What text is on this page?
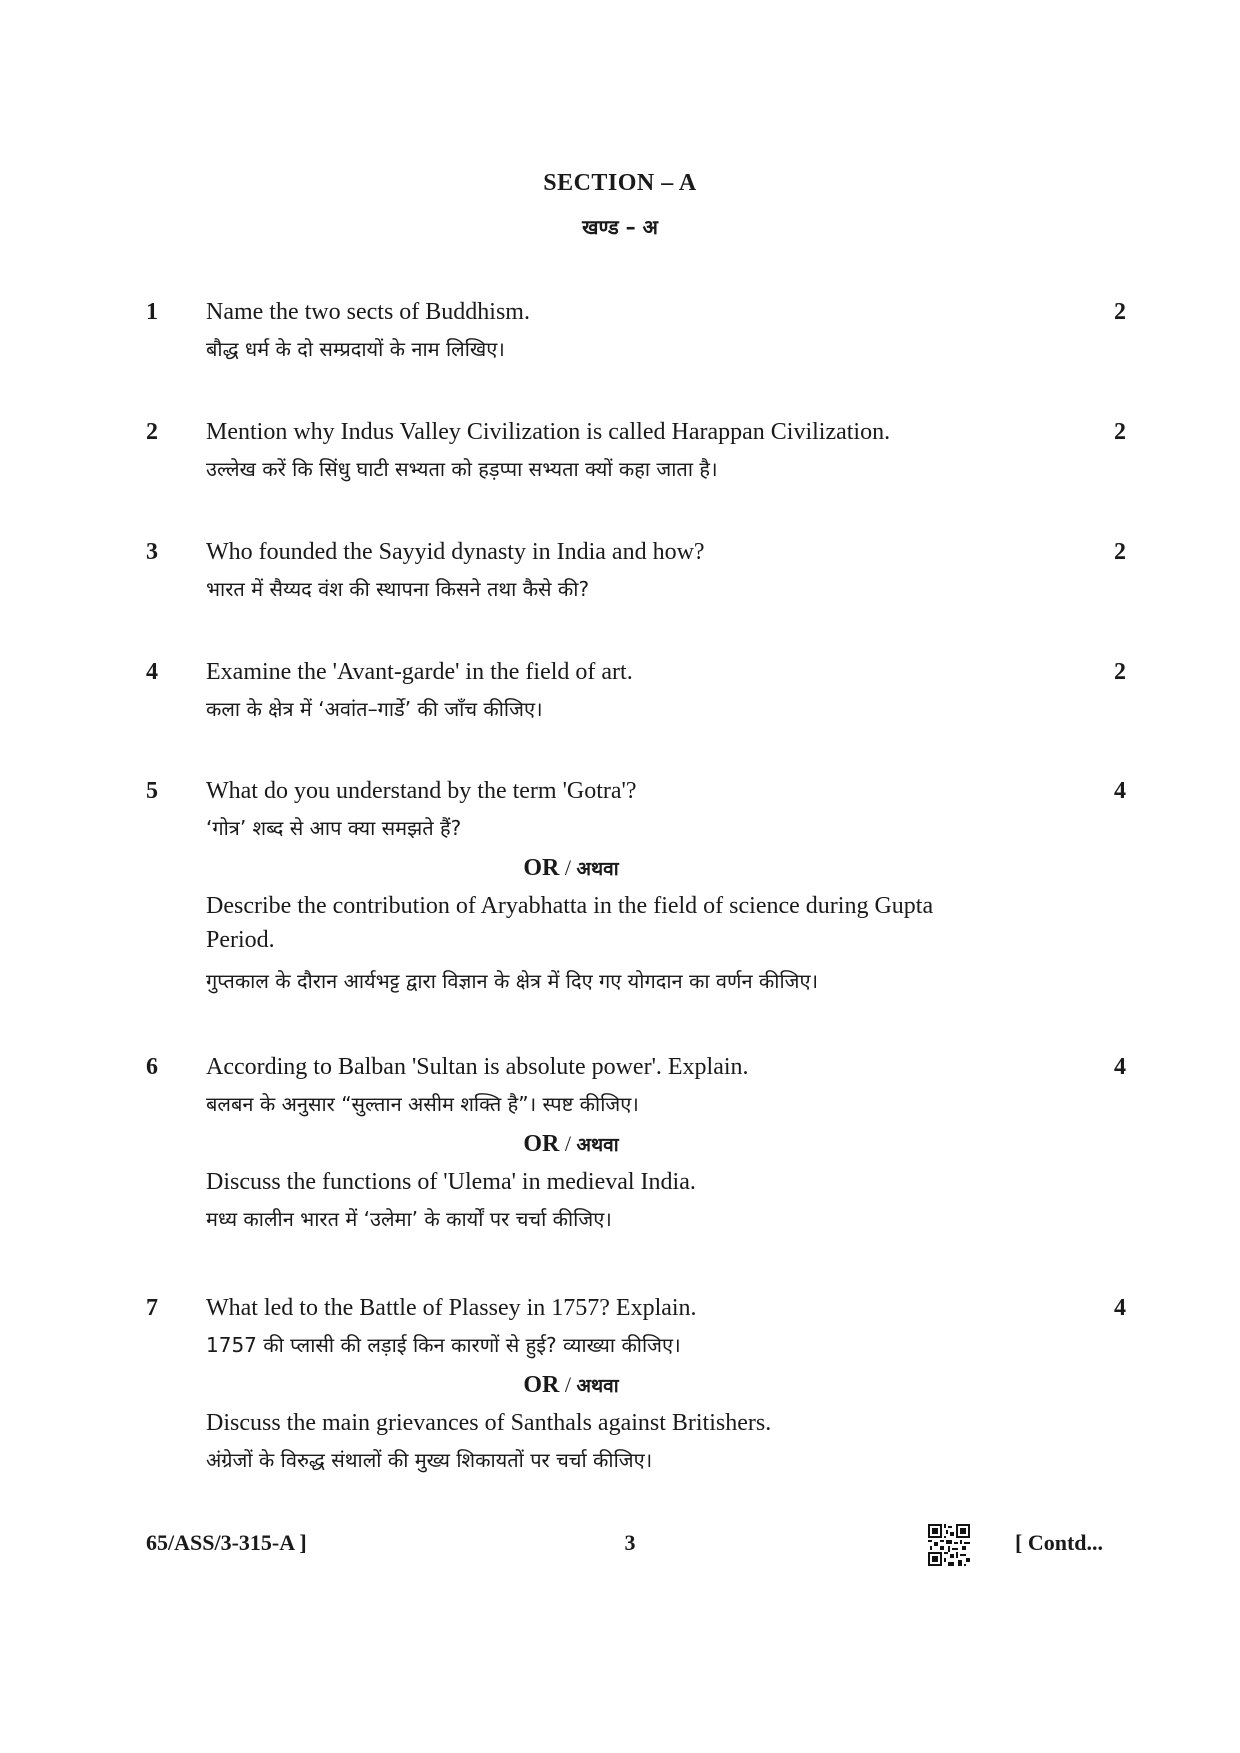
SECTION – A
खण्ड – अ
1 Name the two sects of Buddhism.

बौद्ध धर्म के दो सम्प्रदायों के नाम लिखिए।

2
2 Mention why Indus Valley Civilization is called Harappan Civilization.

उल्लेख करें कि सिंधु घाटी सभ्यता को हड़प्पा सभ्यता क्यों कहा जाता है।

2
3 Who founded the Sayyid dynasty in India and how?

भारत में सैय्यद वंश की स्थापना किसने तथा कैसे की?

2
4 Examine the 'Avant-garde' in the field of art.

कला के क्षेत्र में ‘अवांत–गार्डे’ की जाँच कीजिए।

2
5 What do you understand by the term 'Gotra'?

‘गोत्र’ शब्द से आप क्या समझते हैं?

OR / अथवा

Describe the contribution of Aryabhatta in the field of science during Gupta Period.

गुप्तकाल के दौरान आर्यभट्ट द्वारा विज्ञान के क्षेत्र में दिए गए योगदान का वर्णन कीजिए।

4
6 According to Balban 'Sultan is absolute power'. Explain.

बलबन के अनुसार “सुल्तान असीम शक्ति है”। स्पष्ट कीजिए।

OR / अथवा

Discuss the functions of 'Ulema' in medieval India.

मध्य कालीन भारत में ‘उलेमा’ के कार्यों पर चर्चा कीजिए।

4
7 What led to the Battle of Plassey in 1757? Explain.

1757 की प्लासी की लड़ाई किन कारणों से हुई? व्याख्या कीजिए।

OR / अथवा

Discuss the main grievances of Santhals against Britishers.

अंग्रेजों के विरुद्ध संथालों की मुख्य शिकायतों पर चर्चा कीजिए।

4
65/ASS/3-315-A ]	3	[ Contd...
